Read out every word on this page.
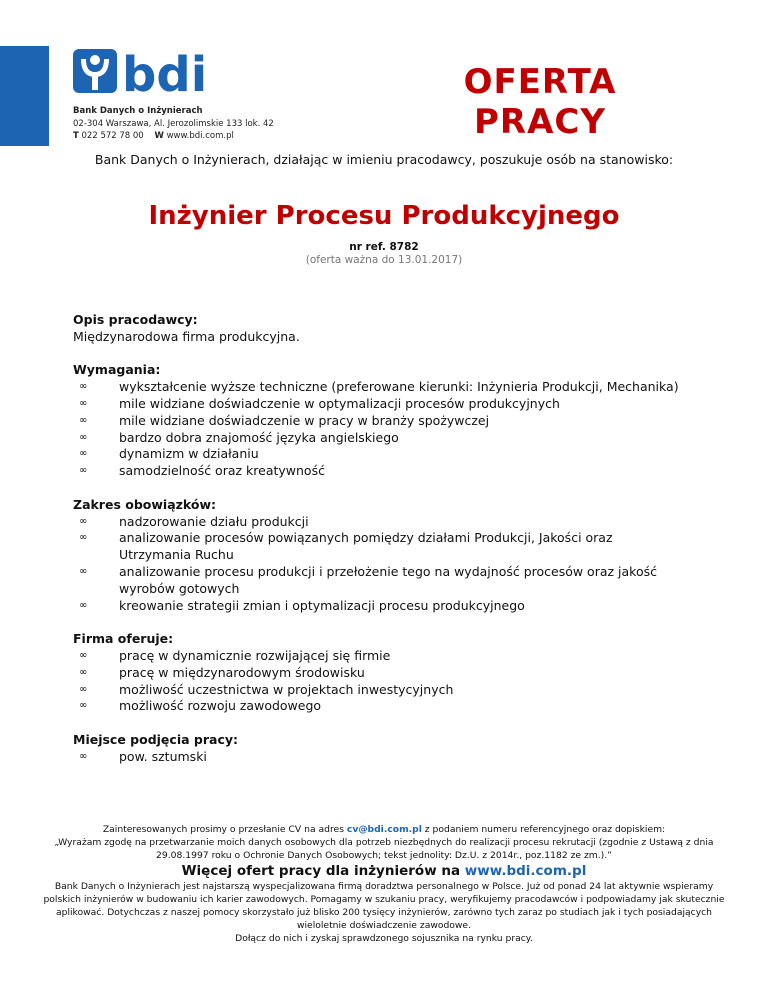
bdi
Bank Danych o Inżynierach
02-304 Warszawa, Al. Jerozolimskie 133 lok. 42
T 022 572 78 00 W www.bdi.com.pl
OFERTA
PRACY
Bank Danych o Inżynierach, działając w imieniu pracodawcy, poszukuje osób na stanowisko:
Inżynier Procesu Produkcyjnego
nr ref. 8782
(oferta ważna do 13.01.2017)
Opis pracodawcy:

Międzynarodowa firma produkcyjna.

Wymagania:
∞ wykształcenie wyższe techniczne (preferowane kierunki: Inżynieria Produkcji, Mechanika)
∞ mile widziane doświadczenie w optymalizacji procesów produkcyjnych
∞ mile widziane doświadczenie w pracy w branży spożywczej
∞ bardzo dobra znajomość języka angielskiego
∞ dynamizm w działaniu
∞ samodzielność oraz kreatywność
Zakres obowiązków:
∞ nadzorowanie działu produkcji
∞ analizowanie procesów powiązanych pomiędzy działami Produkcji, Jakości oraz Utrzymania Ruchu
∞ analizowanie procesu produkcji i przełożenie tego na wydajność procesów oraz jakość wyrobów gotowych
∞ kreowanie strategii zmian i optymalizacji procesu produkcyjnego
Firma oferuje:
∞ pracę w dynamicznie rozwijającej się firmie
∞ pracę w międzynarodowym środowisku
∞ możliwość uczestnictwa w projektach inwestycyjnych
∞ możliwość rozwoju zawodowego
Miejsce podjęcia pracy:
∞ pow. sztumski
Zainteresowanych prosimy o przesłanie CV na adres cv@bdi.com.pl z podaniem numeru referencyjnego oraz dopiskiem:
„Wyrażam zgodę na przetwarzanie moich danych osobowych dla potrzeb niezbędnych do realizacji procesu rekrutacji (zgodnie z Ustawą z dnia 29.08.1997 roku o Ochronie Danych Osobowych; tekst jednolity: Dz.U. z 2014r., poz.1182 ze zm.).”
Więcej ofert pracy dla inżynierów na www.bdi.com.pl
Bank Danych o Inżynierach jest najstarszą wyspecjalizowana firmą doradztwa personalnego w Polsce. Już od ponad 24 lat aktywnie wspieramy polskich inżynierów w budowaniu ich karier zawodowych. Pomagamy w szukaniu pracy, weryfikujemy pracodawców i podpowiadamy jak skutecznie aplikować. Dotychczas z naszej pomocy skorzystało już blisko 200 tysięcy inżynierów, zarówno tych zaraz po studiach jak i tych posiadających wieloletnie doświadczenie zawodowe.
Dołącz do nich i zyskaj sprawdzonego sojusznika na rynku pracy.
